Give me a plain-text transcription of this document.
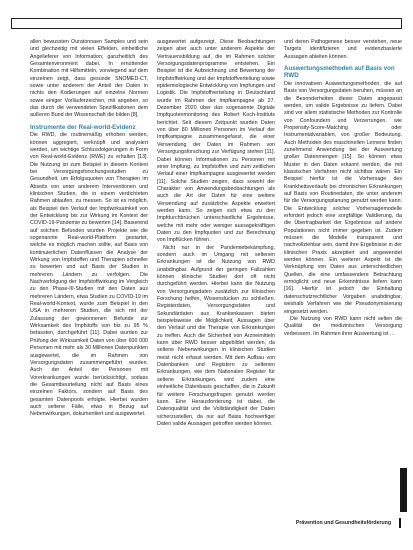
allen bewussten Ouratonnaen Samples und sein und glechzeitig mit vielen Effekten, einheitliche Angelieferer von Information; ganzheitlich des Gesamtenvironment dabei. In ernüttender Kombination mit Hilfsmitteln, vorwiegend auf dem einzelnen zeigt, dass gesunde SNOMED-CT, sowie unter anderem der Anteil der Daten in nichts den Kodierungen auf einzelne Normen sowie einiger Vorläuferzeichen, mit angeben, so das durch die verwendeten Spezifikationen dem außeren Bund der Wissenschaft die bilden [8].

Instrumente der Real-world-Evidenz

Die RWD, die routinemäßig erhoben werden, können aggregiert, verknüpft und analysiert werden, um wichtige Schlussfolgerungen in Form von Real-world-Evidenz (RWE) zu erhalten [13]. Die Nutzung ist zum Beispiel in diesem Kontext bei Versorgungsforschungsstudien zu Gesundheit, um Erfolgsquoten von Therapien im Abseits von unter anderem Interventionen und klinischen Studien, die in einem verdichteten Rahmen ablaufen, zu messen. So ist es möglich, als Beispiel den Verlauf der Impfwirksamkeit von der Entwicklung bis zur Wirkung im Kontext der COVID-19-Pandemie zu bewerten [14]. Basierend auf solchen Befunden wurden Projekte wie die sogenannte Real-world-Plattform gestartet, welche es möglich machen sollte, auf Basis von kontinuierlichen Datenflüssen die Analyse der Wirkung von Impfstoffen und Therapien schneller zu bewerten und auf Basis der Studien in mehreren Ländern zu verfolgen. Die Nachverfolgung der Impfstoffwirkung im Vergleich zu den Phase-III-Studien mit den Daten aus mehreren Ländern, etwa Studien zu COVID-19 im Real-world-Kontext, wurde zum Beispiel in den USA in mehreren Studien, die sich mit der Zulassung der gewonnenen Befunde zur Wirksamkeit des Impfstoffs von bis zu 95 % befassten, durchgeführt [11]. Dabei wurden zur Prüfung der Wirksamkeit Daten von über 600 000 Personen mit mehr als 30 Millionen Datenpunkten ausgewertet, die im Rahmen von Versorgungsdaten zusammengeführt wurden. Auch der Anteil der Personen mit Vorerkrankungen wurde berücksichtigt, sodass die Gesamtbeurteilung nicht auf Basis eines einzelnen Faktors, sondern auf Basis des gesamten Datenpools erfolgte. Hierbei wurden auch seltene Fälle, etwa in Bezug auf Nebenwirkungen, dokumentiert und ausgewertet.

ausgewertet aufgezeigt. Diese Beobachtungen zeigen aber auch unter anderem Aspekte der Vertrauensbildung auf, die im Rahmen solcher Versorgungsdatenprogramme entstehen. Ein Beispiel ist die Aufzeichnung und Bewertung der Impfstoffwirkung und der Impfstoffverteilung sowie epidemiologische Entwicklung von Impfungen und Logistik. Die Impfstoffverteilung in Deutschland wurde im Rahmen der Impfkampagne ab 27. Dezember 2020 über das sogenannte Digitale Impfquotenmonitoring des Robert Koch-Instituts berichtet. Seit diesem Zeitpunkt wurden Daten von über 80 Millionen Personen im Verlauf der Impfkampagne zusammengefasst, die einer Verwendung der Daten im Rahmen von Versorgungsforschung zur Verfügung stehen [11]. Dabei können Informationen zu Personen mit einer Impfung, zu Impfstoffen und zum zeitlichen Verlauf einer Impfkampagne ausgewertet werden [11]. Solche Studien zeigen, dass sowohl der Charakter von Anwendungsbeobachtungen als auch die Art der Daten für eine weitere Verwendung auf zusätzliche Aspekte erweitert werden kann. So zeigen sich etwa zu den Impfdurchbrüchen unterschiedliche Ergebnisse, welche mit mehr oder weniger aussagekräftigen Daten zu den Impfquoten und zur Berechnung von Impflücken führen.

Nicht nur in der Pandemiebekämpfung, sondern auch im Umgang mit seltenen Erkrankungen ist die Nutzung von RWD unabdingbar. Aufgrund der geringen Fallzahlen können klinische Studien dort oft nicht durchgeführt werden. Hierbei kann die Nutzung von Versorgungsdaten zusätzlich zur klinischen Forschung helfen, Wissenslücken zu schließen. Registerdaten, Versorgungsdaten und Sekundärdaten aus Krankenkassen bieten beispielsweise die Möglichkeit, Aussagen über den Verlauf und die Therapie von Erkrankungen zu treffen. Auch die Sicherheit von Arzneimitteln kann über RWD besser abgebildet werden, da seltene Nebenwirkungen in klinischen Studien meist nicht erfasst werden. Mit dem Aufbau von Datenbanken und Registern zu seltenen Erkrankungen, wie dem Nationalen Register für seltene Erkrankungen, wird zudem eine einheitliche Datenbasis geschaffen, die in Zukunft für weitere Forschungsfragen genutzt werden kann. Eine Herausforderung ist dabei, die Datenqualität und die Vollständigkeit der Daten sicherzustellen, da nur auf Basis hochwertiger Daten valide Aussagen getroffen werden können.

und deren Pathogenese besser verstehen, neue Targets identifizieren und evidenzbasierte Aussagen ableiten können.

Auswertungsmethoden auf Basis von RWD

Die innovativen Auswertungsmethoden, die auf Basis von Versorgungsdaten beruhen, müssen an die Besonderheiten dieser Daten angepasst werden, um valide Ergebnisse zu liefern. Dabei sind vor allem statistische Methoden zur Kontrolle von Confoundern und Verzerrungen, wie Propensity-Score-Matching oder Instrumentalvariablen, von großer Bedeutung. Auch Methoden des maschinellen Lernens finden zunehmend Anwendung bei der Auswertung großer Datenmengen [15]. So können etwa Muster in den Daten erkannt werden, die mit klassischen Verfahren nicht sichtbar wären. Ein Beispiel hierfür ist die Vorhersage des Krankheitsverlaufs bei chronischen Erkrankungen auf Basis von Routinedaten, die unter anderem für die Versorgungsplanung genutzt werden kann. Die Entwicklung solcher Vorhersagemodelle erfordert jedoch eine sorgfältige Validierung, da die Übertragbarkeit der Ergebnisse auf andere Populationen nicht immer gegeben ist. Zudem müssen die Modelle transparent und nachvollziehbar sein, damit ihre Ergebnisse in der klinischen Praxis akzeptiert und angewendet werden können. Ein weiterer Aspekt ist die Verknüpfung von Daten aus unterschiedlichen Quellen, die eine umfassendere Betrachtung ermöglicht und neue Erkenntnisse liefern kann [16]. Hierfür ist jedoch die Einhaltung datenschutzrechtlicher Vorgaben unabdingbar, weshalb Verfahren wie die Pseudonymisierung eingesetzt werden.

Die Nutzung von RWD kann nicht selten die Qualität der medizinischen Versorgung verbessern. Im Rahmen ihrer Auswertung ist ...

Prävention und Gesundheitsförderung
